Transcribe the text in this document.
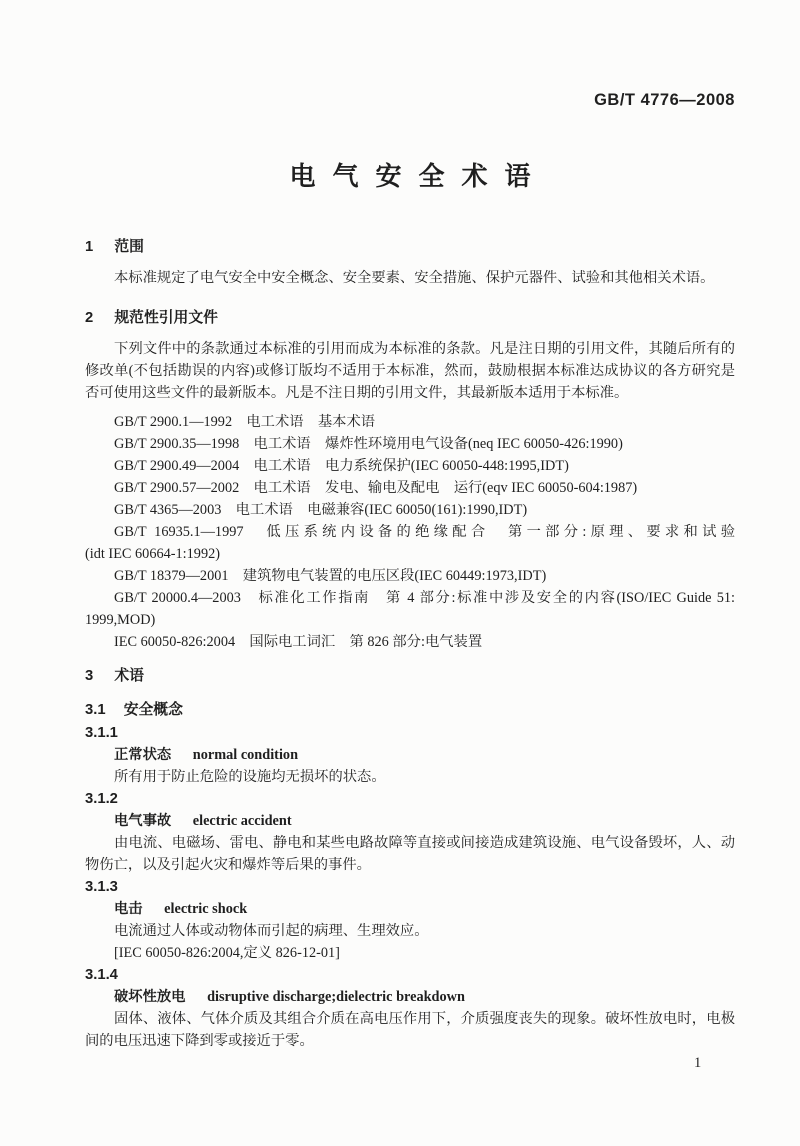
GB/T 4776—2008
电气安全术语
1 范围

本标准规定了电气安全中安全概念、安全要素、安全措施、保护元器件、试验和其他相关术语。

2 规范性引用文件

下列文件中的条款通过本标准的引用而成为本标准的条款。凡是注日期的引用文件，其随后所有的修改单(不包括勘误的内容)或修订版均不适用于本标准，然而，鼓励根据本标准达成协议的各方研究是否可使用这些文件的最新版本。凡是不注日期的引用文件，其最新版本适用于本标准。

GB/T 2900.1—1992　电工术语　基本术语

GB/T 2900.35—1998　电工术语　爆炸性环境用电气设备(neq IEC 60050-426:1990)

GB/T 2900.49—2004　电工术语　电力系统保护(IEC 60050-448:1995,IDT)

GB/T 2900.57—2002　电工术语　发电、输电及配电　运行(eqv IEC 60050-604:1987)

GB/T 4365—2003　电工术语　电磁兼容(IEC 60050(161):1990,IDT)

GB/T 16935.1—1997　低压系统内设备的绝缘配合　第一部分:原理、要求和试验

(idt IEC 60664-1:1992)

GB/T 18379—2001　建筑物电气装置的电压区段(IEC 60449:1973,IDT)

GB/T 20000.4—2003　标准化工作指南　第 4 部分:标准中涉及安全的内容(ISO/IEC Guide 51:

1999,MOD)

IEC 60050-826:2004　国际电工词汇　第 826 部分:电气装置

3 术语
3.1 安全概念
3.1.1

正常状态 normal condition

所有用于防止危险的设施均无损坏的状态。

3.1.2

电气事故 electric accident

由电流、电磁场、雷电、静电和某些电路故障等直接或间接造成建筑设施、电气设备毁坏，人、动物伤亡，以及引起火灾和爆炸等后果的事件。

3.1.3

电击 electric shock

电流通过人体或动物体而引起的病理、生理效应。

[IEC 60050-826:2004,定义 826-12-01]

3.1.4

破坏性放电 disruptive discharge;dielectric breakdown

固体、液体、气体介质及其组合介质在高电压作用下，介质强度丧失的现象。破坏性放电时，电极间的电压迅速下降到零或接近于零。

1
